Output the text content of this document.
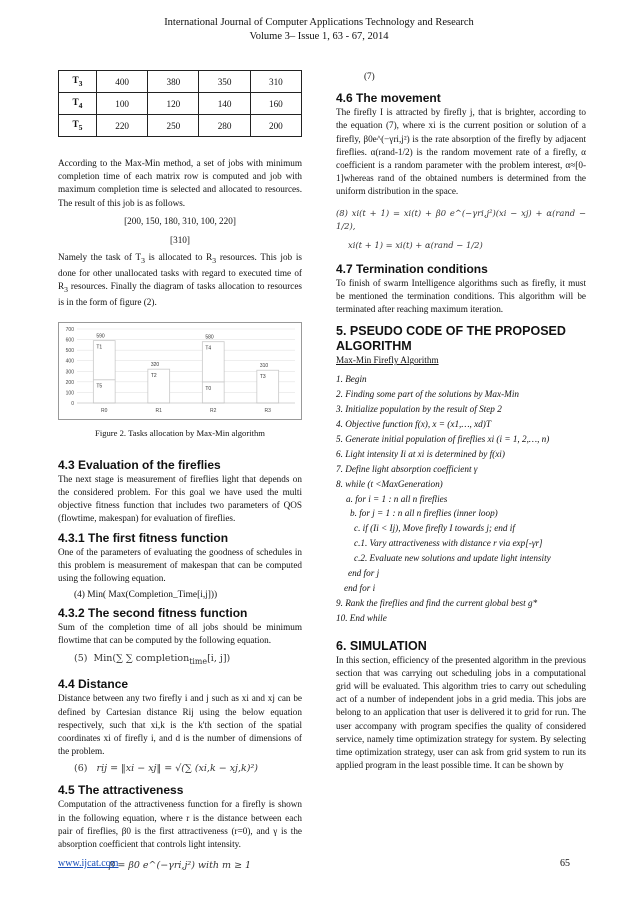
International Journal of Computer Applications Technology and Research
Volume 3– Issue 1, 63 - 67, 2014
$T_3$	400	380	350	310
$T_4$	100	120	140	160
$T_5$	220	250	280	200

According to the Max-Min method, a set of jobs with minimum completion time of each matrix row is computed and job with maximum completion time is selected and allocated to resources. The result of this job is as follows.

[200, 150, 180, 310, 100, 220]

[310]

Namely the task of $T_3$ is allocated to $R_3$ resources. This job is done for other unallocated tasks with regard to executed time of $R_3$ resources. Finally the diagram of tasks allocation to resources is in the form of figure (2).

0
100
200
300
400
500
600
700
T5
T1
590
R0
T2
320
R1
T0
T4
580
R2
T3
310
R3
Figure 2. Tasks allocation by Max-Min algorithm
4.3 Evaluation of the fireflies

The next stage is measurement of fireflies light that depends on the considered problem. For this goal we have used the multi objective fitness function that includes two parameters of QOS (flowtime, makespan) for evaluation of fireflies.

4.3.1 The first fitness function

One of the parameters of evaluating the goodness of schedules in this problem is measurement of makespan that can be computed using the following equation.

(4) Min( Max(Completion_Time[i,j]))

4.3.2 The second fitness function

Sum of the completion time of all jobs should be minimum flowtime that can be computed by the following equation.

(5) Min(∑ ∑ completion$_{time}$[i, j])

4.4 Distance

Distance between any two firefly i and j such as xi and xj can be defined by Cartesian distance Rij using the below equation respectively, such that xi,k is the k'th section of the spatial coordinates xi of firefly i, and d is the number of dimensions of the problem.

(6) rij = ‖xi − xj‖ = √(∑ (xi,k − xj,k)²)

4.5 The attractiveness

Computation of the attractiveness function for a firefly is shown in the following equation, where r is the distance between each pair of fireflies, β0 is the first attractiveness (r=0), and γ is the absorption coefficient that controls light intensity.

β = β0 e^(−γri,j²) with m ≥ 1

(7)

4.6 The movement

The firefly I is attracted by firefly j, that is brighter, according to the equation (7), where xi is the current position or solution of a firefly, β0e^(−γri,j²) is the rate absorption of the firefly by adjacent fireflies. α(rand-1/2) is the random movement rate of a firefly, α coefficient is a random parameter with the problem interest, α≈[0-1]whereas rand of the obtained numbers is determined from the uniform distribution in the space.

(8) xi(t + 1) = xi(t) + β0 e^(−γri,j²)(xi − xj) + α(rand − 1/2),

xi(t + 1) = xi(t) + α(rand − 1/2)

4.7 Termination conditions

To finish of swarm Intelligence algorithms such as firefly, it must be mentioned the termination conditions. This algorithm will be terminated after reaching maximum iteration.

5. PSEUDO CODE OF THE PROPOSED ALGORITHM

Max-Min Firefly Algorithm

1. Begin

2. Finding some part of the solutions by Max-Min

3. Initialize population by the result of Step 2

4. Objective function f(x), x = (x1,…, xd)T

5. Generate initial population of fireflies xi (i = 1, 2,…, n)

6. Light intensity Ii at xi is determined by f(xi)

7. Define light absorption coefficient γ

8. while (t <MaxGeneration)

a. for i = 1 : n all n fireflies

b. for j = 1 : n all n fireflies (inner loop)

c. if (Ii < Ij), Move firefly I towards j; end if

c.1. Vary attractiveness with distance r via exp[-γr]

c.2. Evaluate new solutions and update light intensity

end for j

end for i

9. Rank the fireflies and find the current global best g*

10. End while

6. SIMULATION

In this section, efficiency of the presented algorithm in the previous section that was carrying out scheduling jobs in a computational grid will be evaluated. This algorithm tries to carry out scheduling act of a number of independent jobs in a grid media. This jobs are belong to an application that user is delivered it to grid for run. The user accompany with program specifies the quality of considered service, namely time optimization strategy for system. By selecting time optimization strategy, user can ask from grid system to run its applied program in the least possible time. It can be shown by

www.ijcat.com	65
